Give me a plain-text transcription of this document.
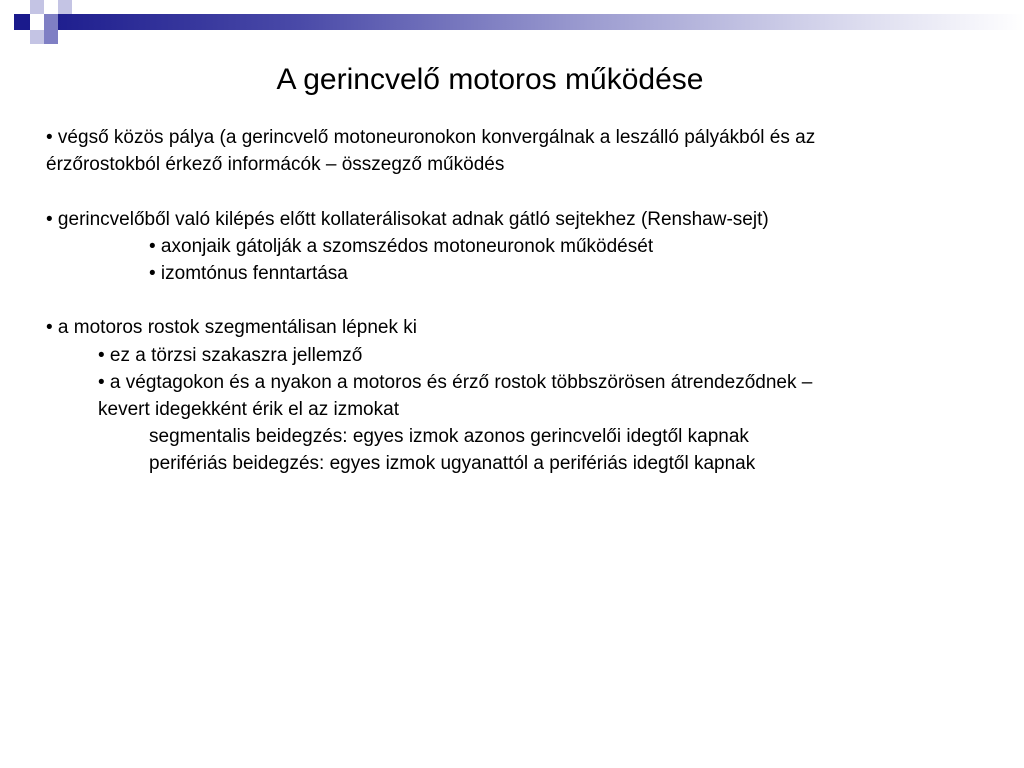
A gerincvelő motoros működése
• végső közös pálya (a gerincvelő motoneuronokon konvergálnak a leszálló pályákból és az
érzőrostokból érkező informácók – összegző működés
• gerincvelőből való kilépés előtt kollaterálisokat adnak gátló sejtekhez (Renshaw-sejt)
• axonjaik gátolják a szomszédos motoneuronok működését
• izomtónus fenntartása
• a motoros rostok szegmentálisan lépnek ki
• ez a törzsi szakaszra jellemző
• a végtagokon és a nyakon a motoros és érző rostok többszörösen átrendeződnek –
kevert idegekként érik el az izmokat
segmentalis beidegzés: egyes izmok azonos gerincvelői idegtől kapnak
perifériás beidegzés: egyes izmok ugyanattól a perifériás idegtől kapnak
